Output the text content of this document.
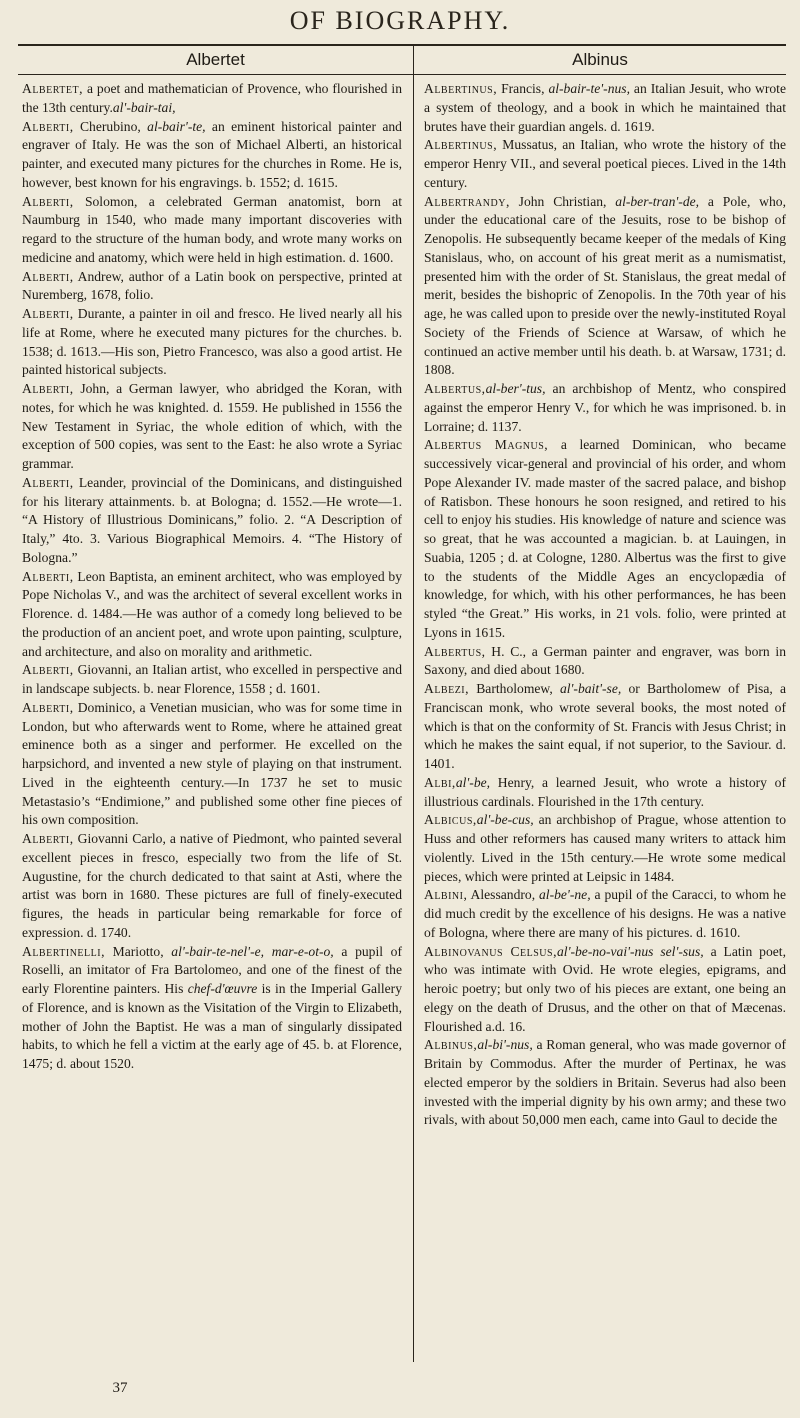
OF BIOGRAPHY.
Albertet	Albinus

Albertet, a poet and mathematician of Provence, who flourished in the 13th century.al'-bair-tai,

Alberti, Cherubino, al-bair'-te, an eminent historical painter and engraver of Italy. He was the son of Michael Alberti, an historical painter, and executed many pictures for the churches in Rome. He is, however, best known for his engravings. b. 1552; d. 1615.

Alberti, Solomon, a celebrated German anatomist, born at Naumburg in 1540, who made many important discoveries with regard to the structure of the human body, and wrote many works on medicine and anatomy, which were held in high estimation. d. 1600.

Alberti, Andrew, author of a Latin book on perspective, printed at Nuremberg, 1678, folio.

Alberti, Durante, a painter in oil and fresco. He lived nearly all his life at Rome, where he executed many pictures for the churches. b. 1538; d. 1613.—His son, Pietro Francesco, was also a good artist. He painted historical subjects.

Alberti, John, a German lawyer, who abridged the Koran, with notes, for which he was knighted. d. 1559. He published in 1556 the New Testament in Syriac, the whole edition of which, with the exception of 500 copies, was sent to the East: he also wrote a Syriac grammar.

Alberti, Leander, provincial of the Dominicans, and distinguished for his literary attainments. b. at Bologna; d. 1552.—He wrote—1. “A History of Illustrious Dominicans,” folio. 2. “A Description of Italy,” 4to. 3. Various Biographical Memoirs. 4. “The History of Bologna.”

Alberti, Leon Baptista, an eminent architect, who was employed by Pope Nicholas V., and was the architect of several excellent works in Florence. d. 1484.—He was author of a comedy long believed to be the production of an ancient poet, and wrote upon painting, sculpture, and architecture, and also on morality and arithmetic.

Alberti, Giovanni, an Italian artist, who excelled in perspective and in landscape subjects. b. near Florence, 1558 ; d. 1601.

Alberti, Dominico, a Venetian musician, who was for some time in London, but who afterwards went to Rome, where he attained great eminence both as a singer and performer. He excelled on the harpsichord, and invented a new style of playing on that instrument. Lived in the eighteenth century.—In 1737 he set to music Metastasio’s “Endimione,” and published some other fine pieces of his own composition.

Alberti, Giovanni Carlo, a native of Piedmont, who painted several excellent pieces in fresco, especially two from the life of St. Augustine, for the church dedicated to that saint at Asti, where the artist was born in 1680. These pictures are full of finely-executed figures, the heads in particular being remarkable for force of expression. d. 1740.

Albertinelli, Mariotto, al'-bair-te-nel'-e, mar-e-ot-o, a pupil of Roselli, an imitator of Fra Bartolomeo, and one of the finest of the early Florentine painters. His chef-d'œuvre is in the Imperial Gallery of Florence, and is known as the Visitation of the Virgin to Elizabeth, mother of John the Baptist. He was a man of singularly dissipated habits, to which he fell a victim at the early age of 45. b. at Florence, 1475; d. about 1520.

Albertinus, Francis, al-bair-te'-nus, an Italian Jesuit, who wrote a system of theology, and a book in which he maintained that brutes have their guardian angels. d. 1619.

Albertinus, Mussatus, an Italian, who wrote the history of the emperor Henry VII., and several poetical pieces. Lived in the 14th century.

Albertrandy, John Christian, al-ber-tran'-de, a Pole, who, under the educational care of the Jesuits, rose to be bishop of Zenopolis. He subsequently became keeper of the medals of King Stanislaus, who, on account of his great merit as a numismatist, presented him with the order of St. Stanislaus, the great medal of merit, besides the bishopric of Zenopolis. In the 70th year of his age, he was called upon to preside over the newly-instituted Royal Society of the Friends of Science at Warsaw, of which he continued an active member until his death. b. at Warsaw, 1731; d. 1808.

Albertus,al-ber'-tus, an archbishop of Mentz, who conspired against the emperor Henry V., for which he was imprisoned. b. in Lorraine; d. 1137.

Albertus Magnus, a learned Dominican, who became successively vicar-general and provincial of his order, and whom Pope Alexander IV. made master of the sacred palace, and bishop of Ratisbon. These honours he soon resigned, and retired to his cell to enjoy his studies. His knowledge of nature and science was so great, that he was accounted a magician. b. at Lauingen, in Suabia, 1205 ; d. at Cologne, 1280. Albertus was the first to give to the students of the Middle Ages an encyclopædia of knowledge, for which, with his other performances, he has been styled “the Great.” His works, in 21 vols. folio, were printed at Lyons in 1615.

Albertus, H. C., a German painter and engraver, was born in Saxony, and died about 1680.

Albezi, Bartholomew, al'-bait'-se, or Bartholomew of Pisa, a Franciscan monk, who wrote several books, the most noted of which is that on the conformity of St. Francis with Jesus Christ; in which he makes the saint equal, if not superior, to the Saviour. d. 1401.

Albi,al'-be, Henry, a learned Jesuit, who wrote a history of illustrious cardinals. Flourished in the 17th century.

Albicus,al'-be-cus, an archbishop of Prague, whose attention to Huss and other reformers has caused many writers to attack him violently. Lived in the 15th century.—He wrote some medical pieces, which were printed at Leipsic in 1484.

Albini, Alessandro, al-be'-ne, a pupil of the Caracci, to whom he did much credit by the excellence of his designs. He was a native of Bologna, where there are many of his pictures. d. 1610.

Albinovanus Celsus,al'-be-no-vai'-nus sel'-sus, a Latin poet, who was intimate with Ovid. He wrote elegies, epigrams, and heroic poetry; but only two of his pieces are extant, one being an elegy on the death of Drusus, and the other on that of Mæcenas. Flourished a.d. 16.

Albinus,al-bi'-nus, a Roman general, who was made governor of Britain by Commodus. After the murder of Pertinax, he was elected emperor by the soldiers in Britain. Severus had also been invested with the imperial dignity by his own army; and these two rivals, with about 50,000 men each, came into Gaul to decide the

37
